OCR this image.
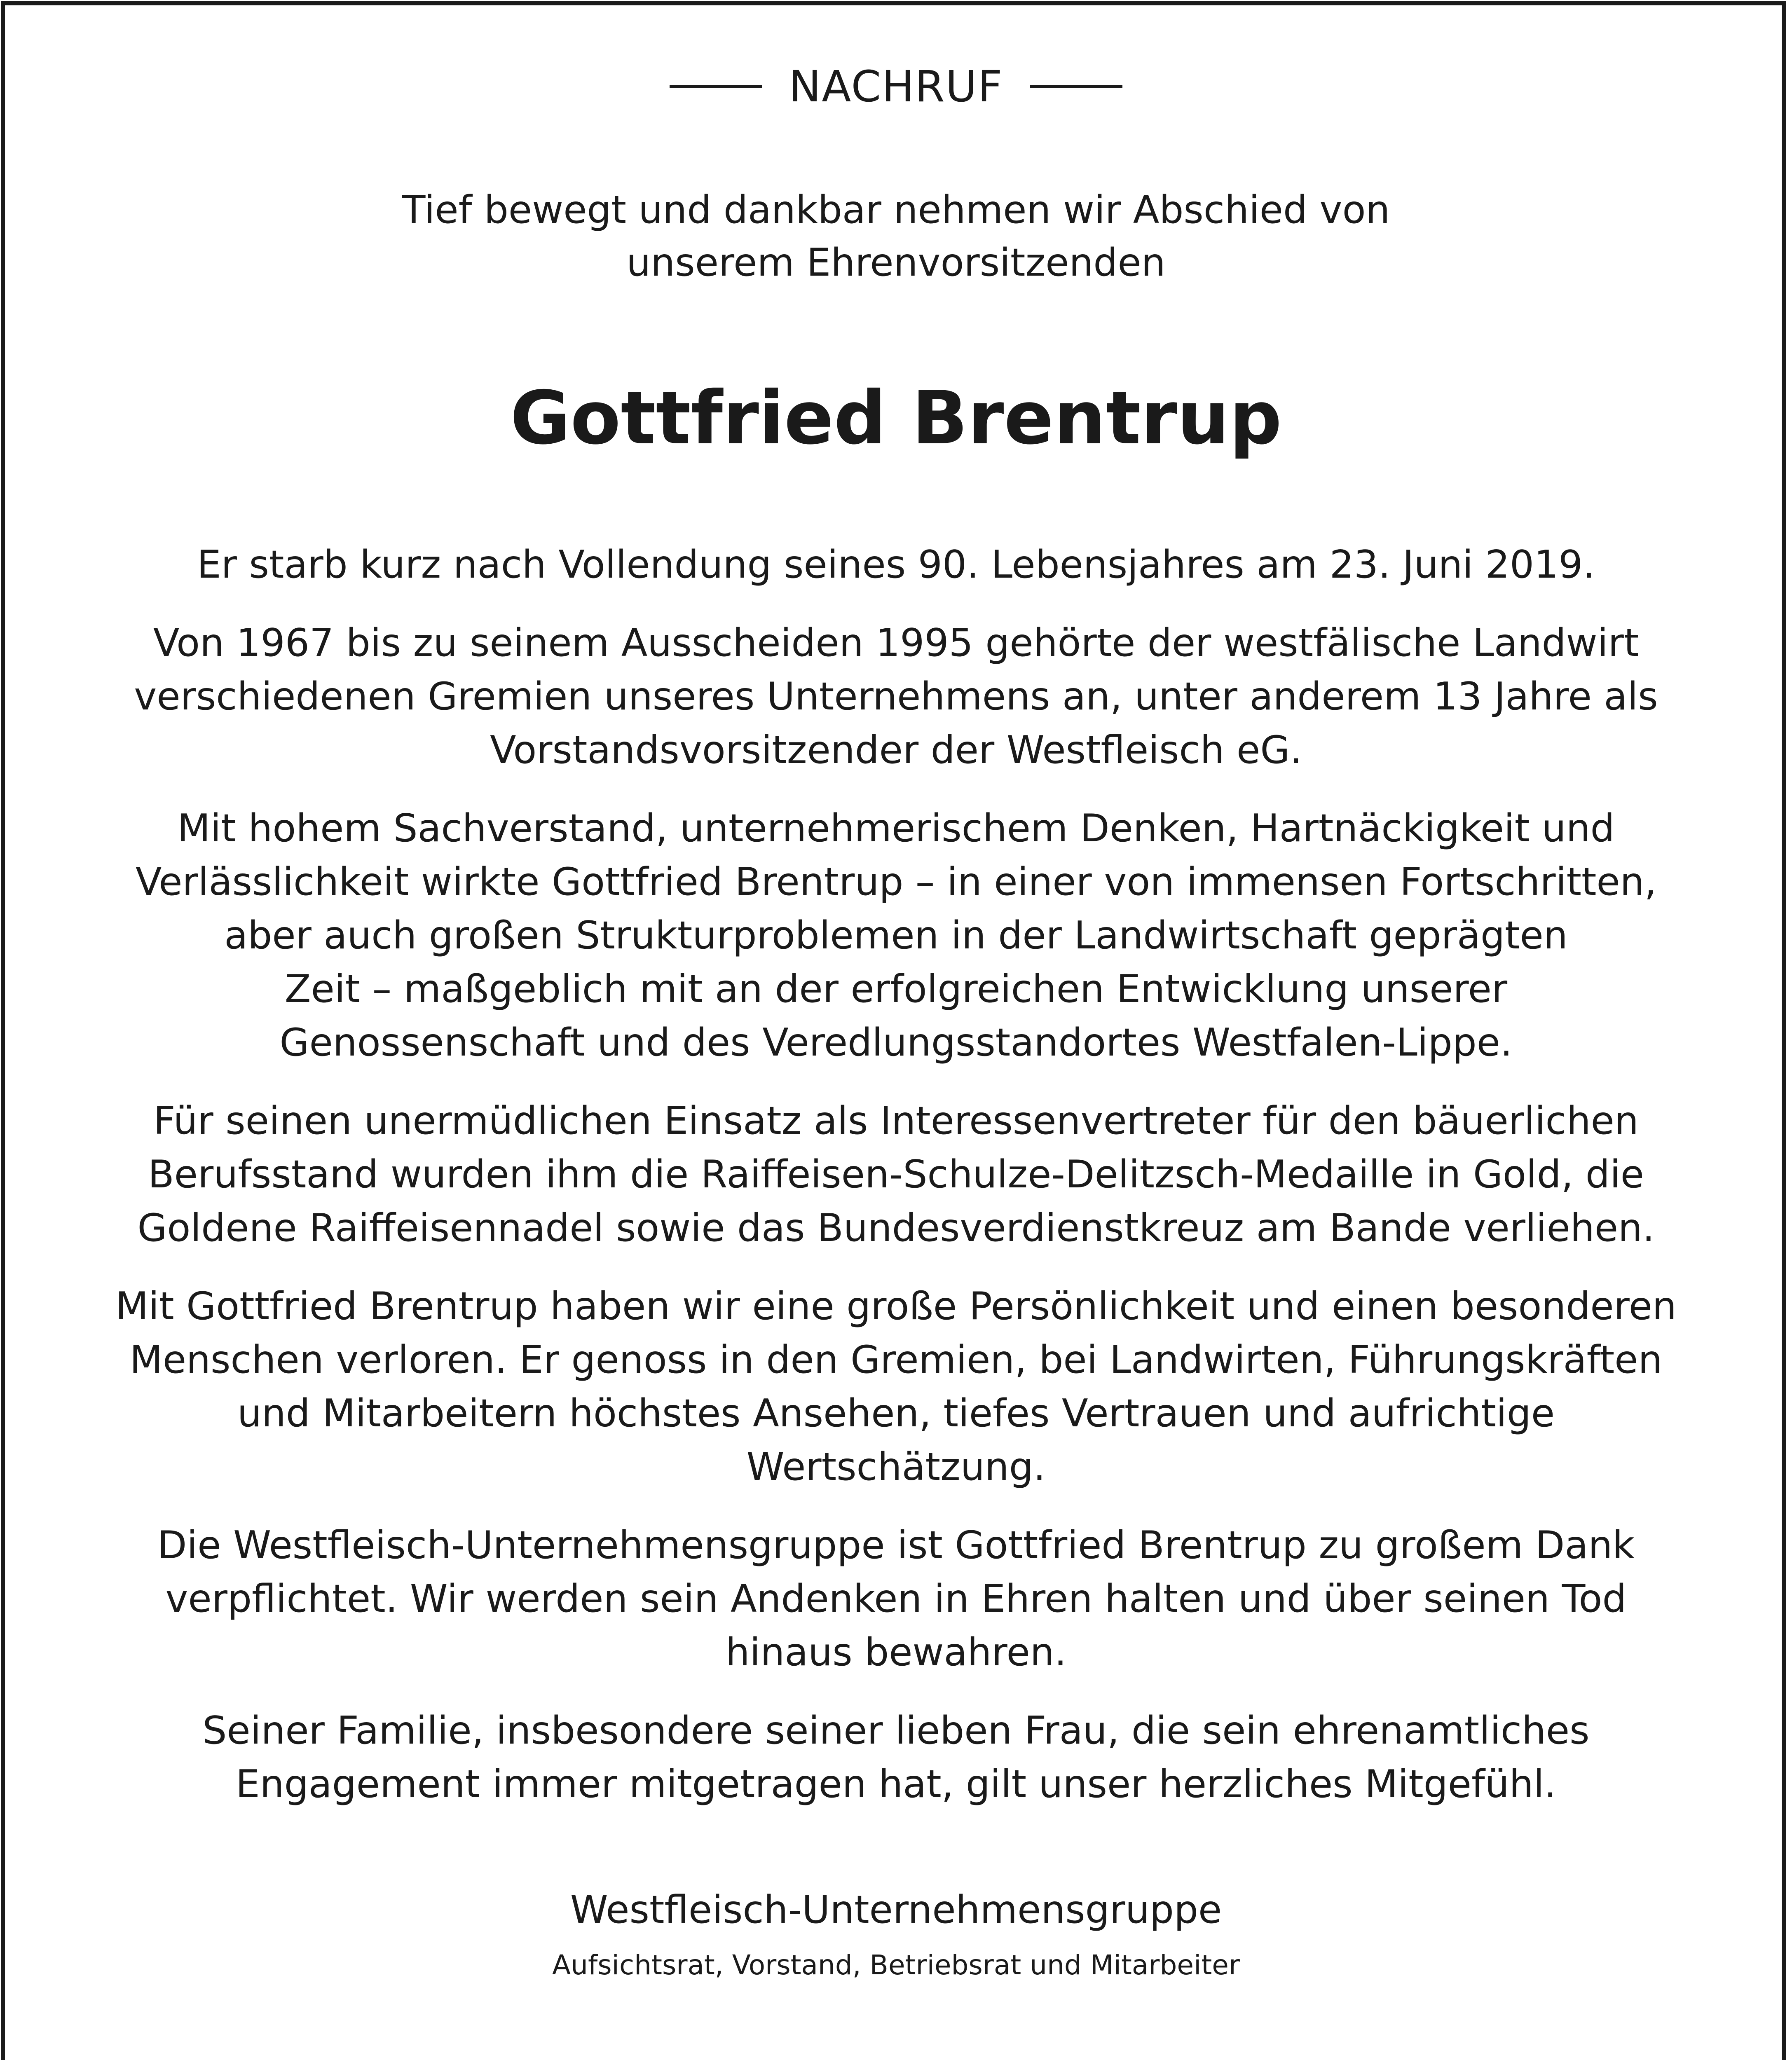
NACHRUF
Tief bewegt und dankbar nehmen wir Abschied von
unserem Ehrenvorsitzenden
Gottfried Brentrup

Er starb kurz nach Vollendung seines 90. Lebensjahres am 23. Juni 2019.

Von 1967 bis zu seinem Ausscheiden 1995 gehörte der westfälische Landwirt
verschiedenen Gremien unseres Unternehmens an, unter anderem 13 Jahre als
Vorstandsvorsitzender der Westfleisch eG.

Mit hohem Sachverstand, unternehmerischem Denken, Hartnäckigkeit und
Verlässlichkeit wirkte Gottfried Brentrup – in einer von immensen Fortschritten,
aber auch großen Strukturproblemen in der Landwirtschaft geprägten
Zeit – maßgeblich mit an der erfolgreichen Entwicklung unserer
Genossenschaft und des Veredlungsstandortes Westfalen-Lippe.

Für seinen unermüdlichen Einsatz als Interessenvertreter für den bäuerlichen
Berufsstand wurden ihm die Raiffeisen-Schulze-Delitzsch-Medaille in Gold, die
Goldene Raiffeisennadel sowie das Bundesverdienstkreuz am Bande verliehen.

Mit Gottfried Brentrup haben wir eine große Persönlichkeit und einen besonderen
Menschen verloren. Er genoss in den Gremien, bei Landwirten, Führungskräften
und Mitarbeitern höchstes Ansehen, tiefes Vertrauen und aufrichtige
Wertschätzung.

Die Westfleisch-Unternehmensgruppe ist Gottfried Brentrup zu großem Dank
verpflichtet. Wir werden sein Andenken in Ehren halten und über seinen Tod
hinaus bewahren.

Seiner Familie, insbesondere seiner lieben Frau, die sein ehrenamtliches
Engagement immer mitgetragen hat, gilt unser herzliches Mitgefühl.

Westfleisch-Unternehmensgruppe
Aufsichtsrat, Vorstand, Betriebsrat und Mitarbeiter
